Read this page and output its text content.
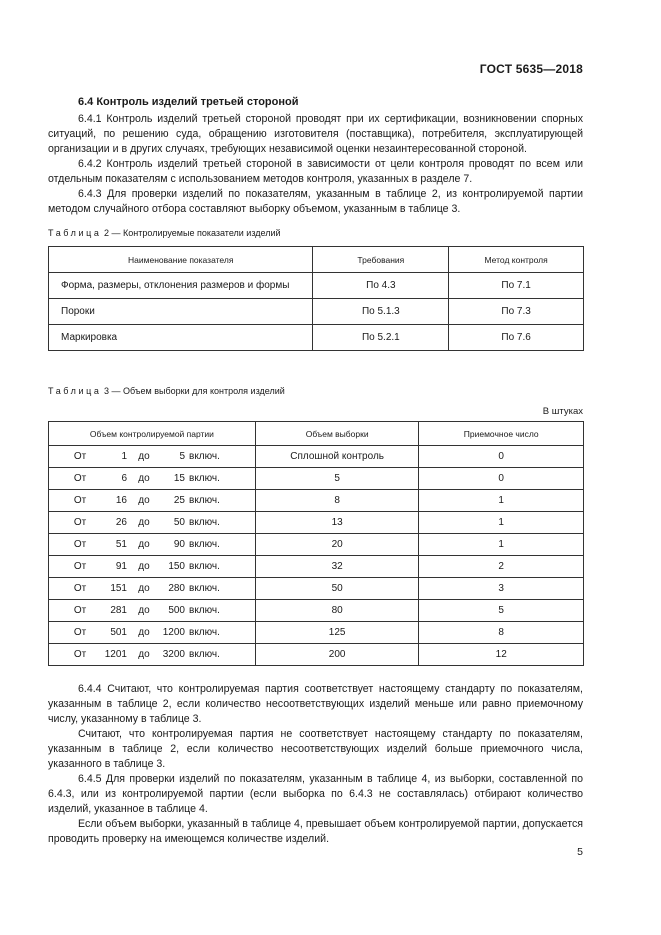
ГОСТ 5635—2018
6.4 Контроль изделий третьей стороной
6.4.1 Контроль изделий третьей стороной проводят при их сертификации, возникновении спорных ситуаций, по решению суда, обращению изготовителя (поставщика), потребителя, эксплуатирующей организации и в других случаях, требующих независимой оценки незаинтересованной стороной.
6.4.2 Контроль изделий третьей стороной в зависимости от цели контроля проводят по всем или отдельным показателям с использованием методов контроля, указанных в разделе 7.
6.4.3 Для проверки изделий по показателям, указанным в таблице 2, из контролируемой партии методом случайного отбора составляют выборку объемом, указанным в таблице 3.
Таблица 2 — Контролируемые показатели изделий
Наименование показателя	Требования	Метод контроля
Форма, размеры, отклонения размеров и формы	По 4.3	По 7.1
Пороки	По 5.1.3	По 7.3
Маркировка	По 5.2.1	По 7.6
Таблица 3 — Объем выборки для контроля изделий
В штуках
Объем контролируемой партии	Объем выборки	Приемочное число

От 1 до 5 включ.	Сплошной контроль	0

От 6 до 15 включ.	5	0

От 16 до 25 включ.	8	1

От 26 до 50 включ.	13	1

От 51 до 90 включ.	20	1

От 91 до 150 включ.	32	2

От 151 до 280 включ.	50	3

От 281 до 500 включ.	80	5

От 501 до 1200 включ.	125	8

От 1201 до 3200 включ.	200	12
6.4.4 Считают, что контролируемая партия соответствует настоящему стандарту по показателям, указанным в таблице 2, если количество несоответствующих изделий меньше или равно приемочному числу, указанному в таблице 3.
Считают, что контролируемая партия не соответствует настоящему стандарту по показателям, указанным в таблице 2, если количество несоответствующих изделий больше приемочного числа, указанного в таблице 3.
6.4.5 Для проверки изделий по показателям, указанным в таблице 4, из выборки, составленной по 6.4.3, или из контролируемой партии (если выборка по 6.4.3 не составлялась) отбирают количество изделий, указанное в таблице 4.
Если объем выборки, указанный в таблице 4, превышает объем контролируемой партии, допускается проводить проверку на имеющемся количестве изделий.
5
